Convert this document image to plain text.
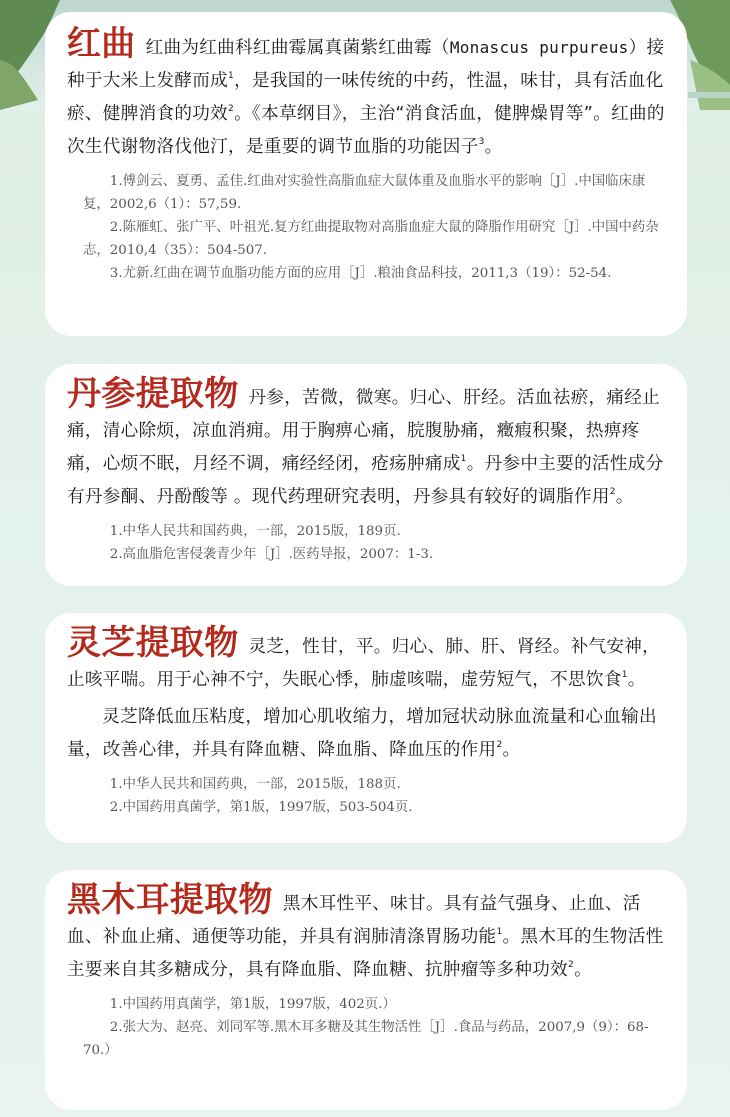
红曲 红曲为红曲科红曲霉属真菌紫红曲霉（Monascus purpureus）接种于大米上发酵而成$^1$，是我国的一味传统的中药，性温，味甘，具有活血化瘀、健脾消食的功效$^2$。《本草纲目》，主治“消食活血，健脾燥胃等”。红曲的次生代谢物洛伐他汀，是重要的调节血脂的功能因子$^3$。

1.傅剑云、夏勇、孟佳.红曲对实验性高脂血症大鼠体重及血脂水平的影响［J］.中国临床康复，2002,6（1）：57,59.

2.陈雁虹、张广平、叶祖光.复方红曲提取物对高脂血症大鼠的降脂作用研究［J］.中国中药杂志，2010,4（35）：504-507.

3.尤新.红曲在调节血脂功能方面的应用［J］.粮油食品科技，2011,3（19）：52-54.

丹参提取物 丹参，苦微，微寒。归心、肝经。活血祛瘀，痛经止痛，清心除烦，凉血消痈。用于胸痹心痛，脘腹胁痛，癥瘕积聚，热痹疼痛，心烦不眠，月经不调，痛经经闭，疮疡肿痛成$^1$。丹参中主要的活性成分有丹参酮、丹酚酸等 。现代药理研究表明，丹参具有较好的调脂作用$^2$。

1.中华人民共和国药典，一部，2015版，189页.

2.高血脂危害侵袭青少年［J］.医药导报，2007：1-3.

灵芝提取物 灵芝，性甘，平。归心、肺、肝、肾经。补气安神，止咳平喘。用于心神不宁，失眠心悸，肺虚咳喘，虚劳短气，不思饮食$^1$。

灵芝降低血压粘度，增加心肌收缩力，增加冠状动脉血流量和心血输出量，改善心律，并具有降血糖、降血脂、降血压的作用$^2$。

1.中华人民共和国药典，一部，2015版，188页.

2.中国药用真菌学，第1版，1997版，503-504页.

黑木耳提取物 黑木耳性平、味甘。具有益气强身、止血、活血、补血止痛、通便等功能，并具有润肺清涤胃肠功能$^1$。黑木耳的生物活性主要来自其多糖成分，具有降血脂、降血糖、抗肿瘤等多种功效$^2$。

1.中国药用真菌学，第1版，1997版，402页.）

2.张大为、赵亮、刘同军等.黑木耳多糖及其生物活性［J］.食品与药品，2007,9（9）：68-70.）
